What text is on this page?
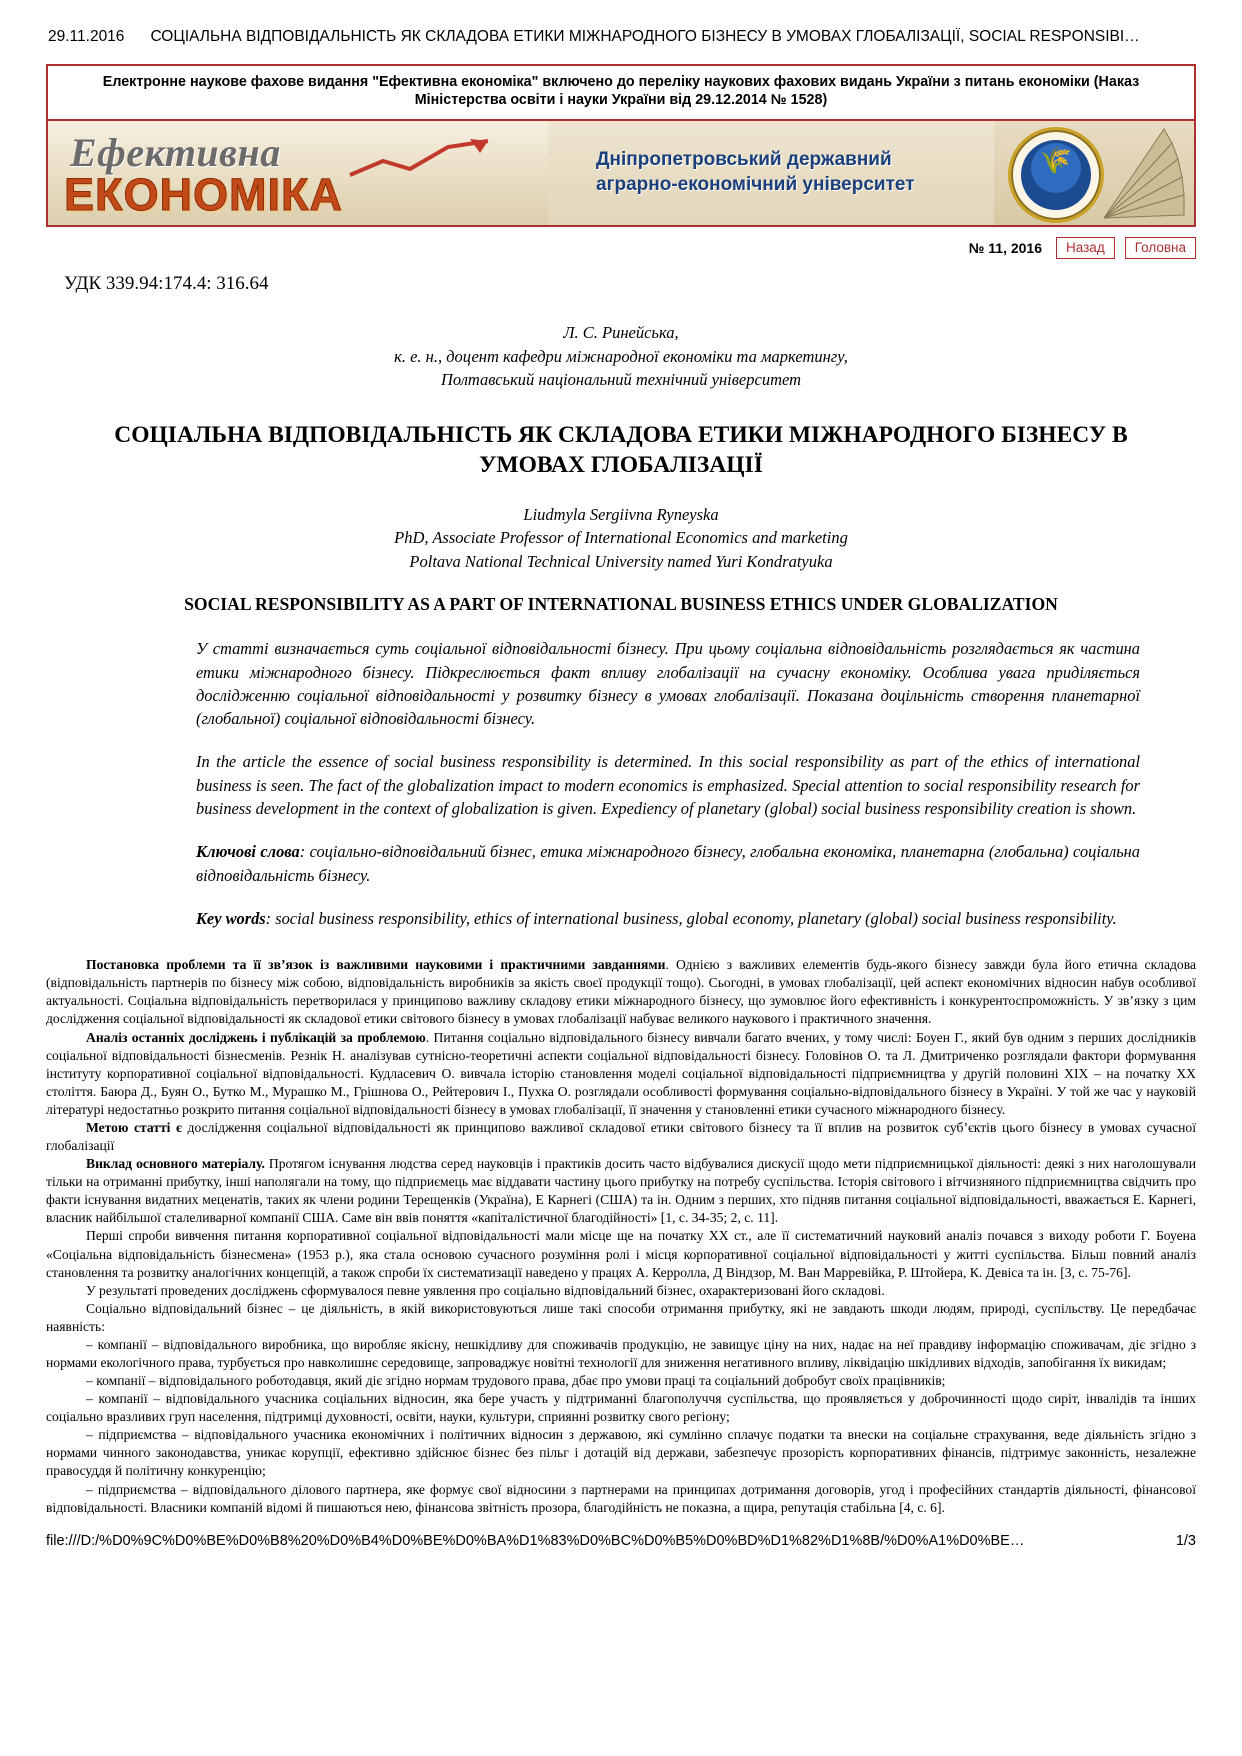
29.11.2016 СОЦІАЛЬНА ВІДПОВІДАЛЬНІСТЬ ЯК СКЛАДОВА ЕТИКИ МІЖНАРОДНОГО БІЗНЕСУ В УМОВАХ ГЛОБАЛІЗАЦІЇ, SOCIAL RESPONSIBI…
Електронне наукове фахове видання "Ефективна економіка" включено до переліку наукових фахових видань України з питань економіки (Наказ Міністерства освіти і науки України від 29.12.2014 № 1528)
Ефективна
ЕКОНОМІКА
Дніпропетровський державний
аграрно-економічний університет
🌾
№ 11, 2016	Назад	Головна
УДК 339.94:174.4: 316.64
Л. С. Ринейська,
к. е. н., доцент кафедри міжнародної економіки та маркетингу,
Полтавський національний технічний університет
СОЦІАЛЬНА ВІДПОВІДАЛЬНІСТЬ ЯК СКЛАДОВА ЕТИКИ МІЖНАРОДНОГО БІЗНЕСУ В УМОВАХ ГЛОБАЛІЗАЦІЇ
Liudmyla Sergiivna Ryneyska
PhD, Associate Professor of International Economics and marketing
Poltava National Technical University named Yuri Kondratyuka
SOCIAL RESPONSIBILITY AS A PART OF INTERNATIONAL BUSINESS ETHICS UNDER GLOBALIZATION
У статті визначається суть соціальної відповідальності бізнесу. При цьому соціальна відповідальність розглядається як частина етики міжнародного бізнесу. Підкреслюється факт впливу глобалізації на сучасну економіку. Особлива увага приділяється дослідженню соціальної відповідальності у розвитку бізнесу в умовах глобалізації. Показана доцільність створення планетарної (глобальної) соціальної відповідальності бізнесу.
In the article the essence of social business responsibility is determined. In this social responsibility as part of the ethics of international business is seen. The fact of the globalization impact to modern economics is emphasized. Special attention to social responsibility research for business development in the context of globalization is given. Expediency of planetary (global) social business responsibility creation is shown.
Ключові слова: соціально-відповідальний бізнес, етика міжнародного бізнесу, глобальна економіка, планетарна (глобальна) соціальна відповідальність бізнесу.
Key words: social business responsibility, ethics of international business, global economy, planetary (global) social business responsibility.

Постановка проблеми та її зв’язок із важливими науковими і практичними завданнями. Однією з важливих елементів будь-якого бізнесу завжди була його етична складова (відповідальність партнерів по бізнесу між собою, відповідальність виробників за якість своєї продукції тощо). Сьогодні, в умовах глобалізації, цей аспект економічних відносин набув особливої актуальності. Соціальна відповідальність перетворилася у принципово важливу складову етики міжнародного бізнесу, що зумовлює його ефективність і конкурентоспроможність. У зв’язку з цим дослідження соціальної відповідальності як складової етики світового бізнесу в умовах глобалізації набуває великого наукового і практичного значення.

Аналіз останніх досліджень і публікацій за проблемою. Питання соціально відповідального бізнесу вивчали багато вчених, у тому числі: Боуен Г., який був одним з перших дослідників соціальної відповідальності бізнесменів. Резнік Н. аналізував сутнісно-теоретичні аспекти соціальної відповідальності бізнесу. Головінов О. та Л. Дмитриченко розглядали фактори формування інституту корпоративної соціальної відповідальності. Кудласевич О. вивчала історію становлення моделі соціальної відповідальності підприємництва у другій половині ХІХ – на початку ХХ століття. Баюра Д., Буян О., Бутко М., Мурашко М., Грішнова О., Рейтерович І., Пухка О. розглядали особливості формування соціально-відповідального бізнесу в Україні. У той же час у науковій літературі недостатньо розкрито питання соціальної відповідальності бізнесу в умовах глобалізації, її значення у становленні етики сучасного міжнародного бізнесу.

Метою статті є дослідження соціальної відповідальності як принципово важливої складової етики світового бізнесу та її вплив на розвиток суб’єктів цього бізнесу в умовах сучасної глобалізації

Виклад основного матеріалу. Протягом існування людства серед науковців і практиків досить часто відбувалися дискусії щодо мети підприємницької діяльності: деякі з них наголошували тільки на отриманні прибутку, інші наполягали на тому, що підприємець має віддавати частину цього прибутку на потребу суспільства. Історія світового і вітчизняного підприємництва свідчить про факти існування видатних меценатів, таких як члени родини Терещенків (Україна), Е Карнегі (США) та ін. Одним з перших, хто підняв питання соціальної відповідальності, вважається Е. Карнегі, власник найбільшої сталеливарної компанії США. Саме він ввів поняття «капіталістичної благодійності» [1, с. 34-35; 2, с. 11].

Перші спроби вивчення питання корпоративної соціальної відповідальності мали місце ще на початку ХХ ст., але її систематичний науковий аналіз почався з виходу роботи Г. Боуена «Соціальна відповідальність бізнесмена» (1953 р.), яка стала основою сучасного розуміння ролі і місця корпоративної соціальної відповідальності у житті суспільства. Більш повний аналіз становлення та розвитку аналогічних концепцій, а також спроби їх систематизації наведено у працях А. Керролла, Д Віндзор, М. Ван Марревійка, Р. Штойера, К. Девіса та ін. [3, с. 75-76].

У результаті проведених досліджень сформувалося певне уявлення про соціально відповідальний бізнес, охарактеризовані його складові.

Соціально відповідальний бізнес – це діяльність, в якій використовуються лише такі способи отримання прибутку, які не завдають шкоди людям, природі, суспільству. Це передбачає наявність:

– компанії – відповідального виробника, що виробляє якісну, нешкідливу для споживачів продукцію, не завищує ціну на них, надає на неї правдиву інформацію споживачам, діє згідно з нормами екологічного права, турбується про навколишнє середовище, запроваджує новітні технології для зниження негативного впливу, ліквідацію шкідливих відходів, запобігання їх викидам;

– компанії – відповідального роботодавця, який діє згідно нормам трудового права, дбає про умови праці та соціальний добробут своїх працівників;

– компанії – відповідального учасника соціальних відносин, яка бере участь у підтриманні благополуччя суспільства, що проявляється у доброчинності щодо сиріт, інвалідів та інших соціально вразливих груп населення, підтримці духовності, освіти, науки, культури, сприянні розвитку свого регіону;

– підприємства – відповідального учасника економічних і політичних відносин з державою, які сумлінно сплачує податки та внески на соціальне страхування, веде діяльність згідно з нормами чинного законодавства, уникає корупції, ефективно здійснює бізнес без пільг і дотацій від держави, забезпечує прозорість корпоративних фінансів, підтримує законність, незалежне правосуддя й політичну конкуренцію;

– підприємства – відповідального ділового партнера, яке формує свої відносини з партнерами на принципах дотримання договорів, угод і професійних стандартів діяльності, фінансової відповідальності. Власники компаній відомі й пишаються нею, фінансова звітність прозора, благодійність не показна, а щира, репутація стабільна [4, с. 6].

file:///D:/%D0%9C%D0%BE%D0%B8%20%D0%B4%D0%BE%D0%BA%D1%83%D0%BC%D0%B5%D0%BD%D1%82%D1%8B/%D0%A1%D0%BE…	1/3
